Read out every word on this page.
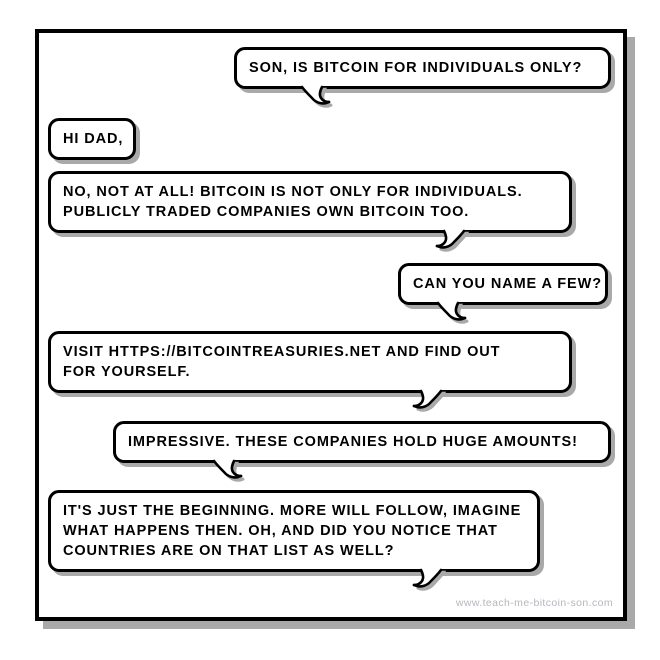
SON, IS BITCOIN FOR INDIVIDUALS ONLY?
HI DAD,
NO, NOT AT ALL! BITCOIN IS NOT ONLY FOR INDIVIDUALS.
PUBLICLY TRADED COMPANIES OWN BITCOIN TOO.
CAN YOU NAME A FEW?
VISIT HTTPS://BITCOINTREASURIES.NET AND FIND OUT
FOR YOURSELF.
IMPRESSIVE. THESE COMPANIES HOLD HUGE AMOUNTS!
IT'S JUST THE BEGINNING. MORE WILL FOLLOW, IMAGINE
WHAT HAPPENS THEN. OH, AND DID YOU NOTICE THAT
COUNTRIES ARE ON THAT LIST AS WELL?
www.teach-me-bitcoin-son.com
